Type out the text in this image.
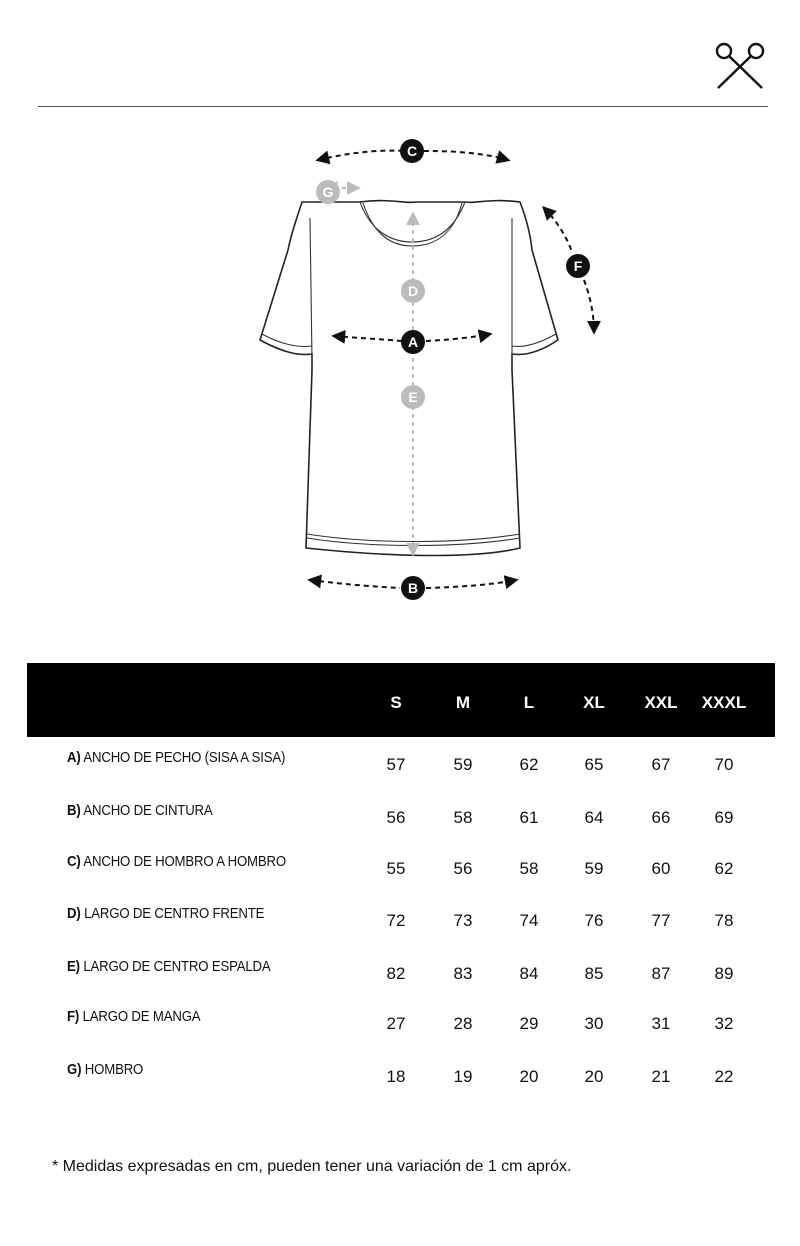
C
G
D
A
E
F
B
S	M	L	XL	XXL	XXXL
A) ANCHO DE PECHO (SISA A SISA)	57	59	62	65	67	70
B) ANCHO DE CINTURA	56	58	61	64	66	69
C) ANCHO DE HOMBRO A HOMBRO	55	56	58	59	60	62
D) LARGO DE CENTRO FRENTE	72	73	74	76	77	78
E) LARGO DE CENTRO ESPALDA	82	83	84	85	87	89
F) LARGO DE MANGA	27	28	29	30	31	32
G) HOMBRO	18	19	20	20	21	22
* Medidas expresadas en cm, pueden tener una variación de 1 cm apróx.
